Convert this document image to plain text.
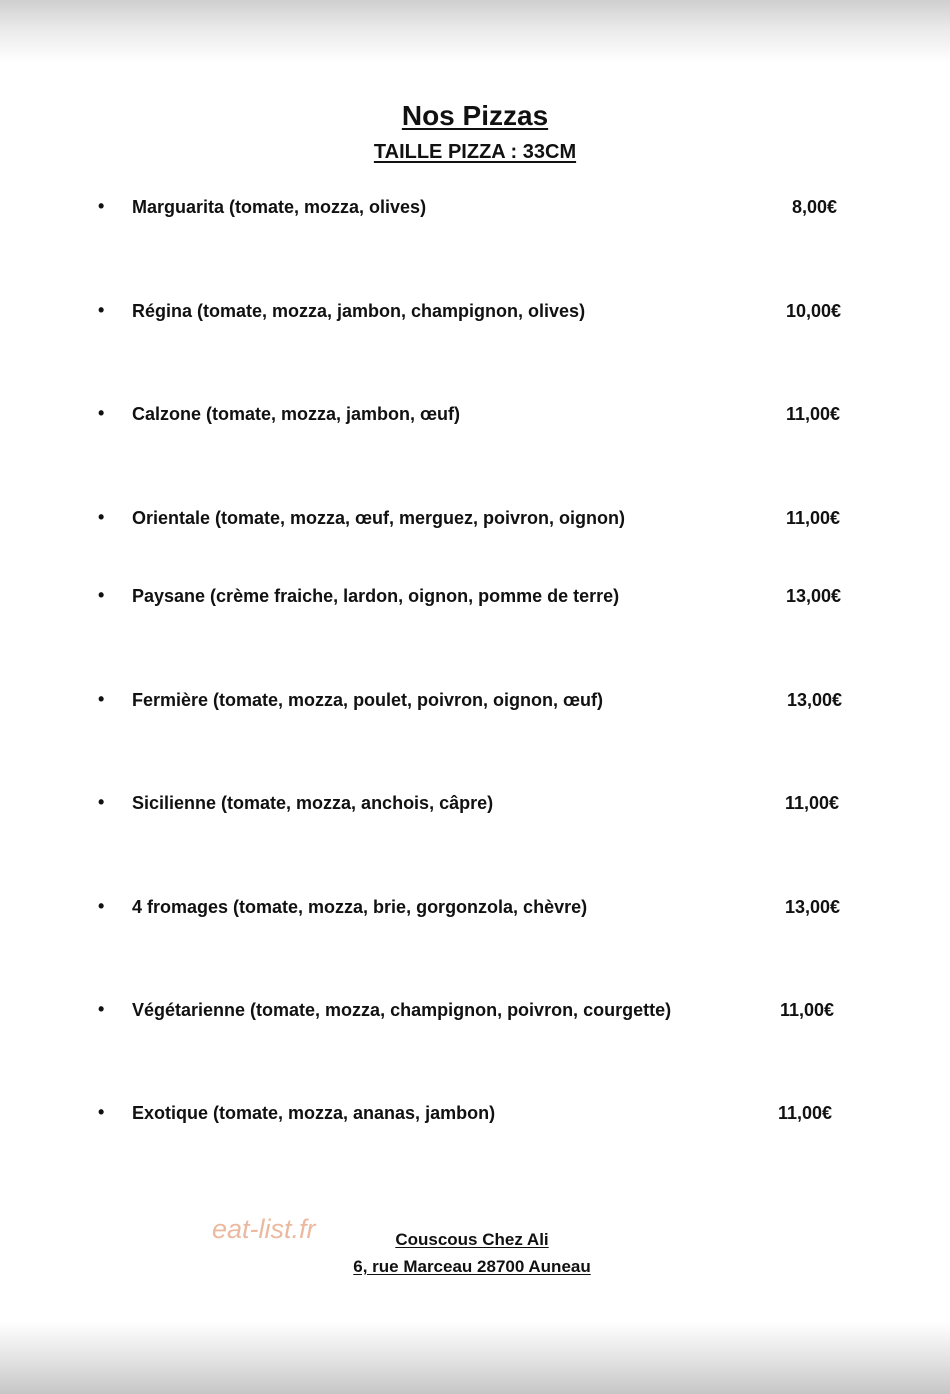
Nos Pizzas
TAILLE PIZZA : 33CM
• Marguarita (tomate, mozza, olives)	8,00€
• Régina (tomate, mozza, jambon, champignon, olives)	10,00€
• Calzone (tomate, mozza, jambon, œuf)	11,00€
• Orientale (tomate, mozza, œuf, merguez, poivron, oignon)	11,00€
• Paysane (crème fraiche, lardon, oignon, pomme de terre)	13,00€
• Fermière (tomate, mozza, poulet, poivron, oignon, œuf)	13,00€
• Sicilienne (tomate, mozza, anchois, câpre)	11,00€
• 4 fromages (tomate, mozza, brie, gorgonzola, chèvre)	13,00€
• Végétarienne (tomate, mozza, champignon, poivron, courgette)	11,00€
• Exotique (tomate, mozza, ananas, jambon)	11,00€
eat-list.fr	Couscous Chez Ali
6, rue Marceau 28700 Auneau
